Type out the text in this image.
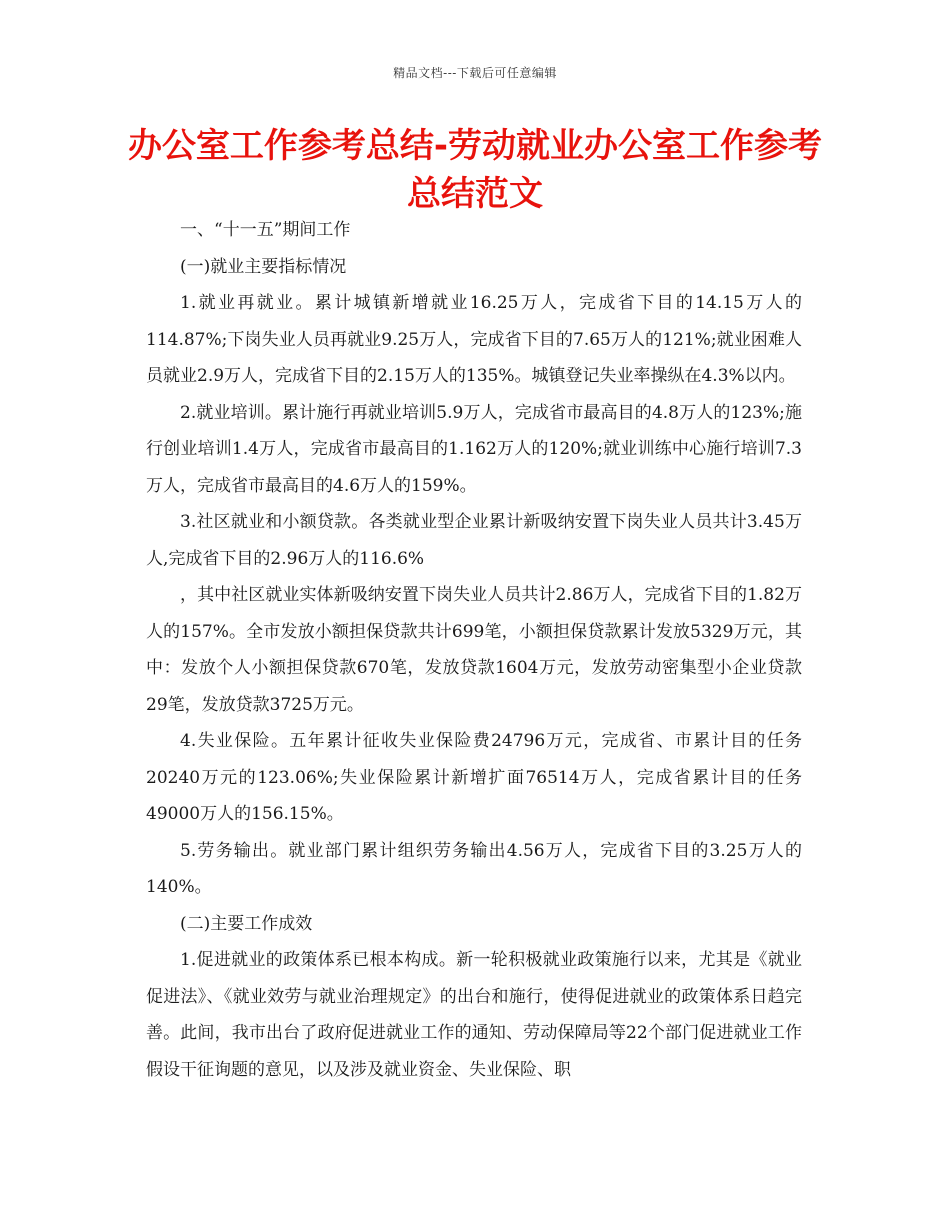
精品文档---下载后可任意编辑
办公室工作参考总结-劳动就业办公室工作参考总结范文

一、“十一五”期间工作

(一)就业主要指标情况

1.就业再就业。累计城镇新增就业16.25万人，完成省下目的14.15万人的114.87%;下岗失业人员再就业9.25万人，完成省下目的7.65万人的121%;就业困难人员就业2.9万人，完成省下目的2.15万人的135%。城镇登记失业率操纵在4.3%以内。

2.就业培训。累计施行再就业培训5.9万人，完成省市最高目的4.8万人的123%;施行创业培训1.4万人，完成省市最高目的1.162万人的120%;就业训练中心施行培训7.3万人，完成省市最高目的4.6万人的159%。

3.社区就业和小额贷款。各类就业型企业累计新吸纳安置下岗失业人员共计3.45万人,完成省下目的2.96万人的116.6%

，其中社区就业实体新吸纳安置下岗失业人员共计2.86万人，完成省下目的1.82万人的157%。全市发放小额担保贷款共计699笔，小额担保贷款累计发放5329万元，其中：发放个人小额担保贷款670笔，发放贷款1604万元，发放劳动密集型小企业贷款29笔，发放贷款3725万元。

4.失业保险。五年累计征收失业保险费24796万元，完成省、市累计目的任务20240万元的123.06%;失业保险累计新增扩面76514万人，完成省累计目的任务49000万人的156.15%。

5.劳务输出。就业部门累计组织劳务输出4.56万人，完成省下目的3.25万人的140%。

(二)主要工作成效

1.促进就业的政策体系已根本构成。新一轮积极就业政策施行以来，尤其是《就业促进法》、《就业效劳与就业治理规定》的出台和施行，使得促进就业的政策体系日趋完善。此间，我市出台了政府促进就业工作的通知、劳动保障局等22个部门促进就业工作假设干征询题的意见，以及涉及就业资金、失业保险、职
